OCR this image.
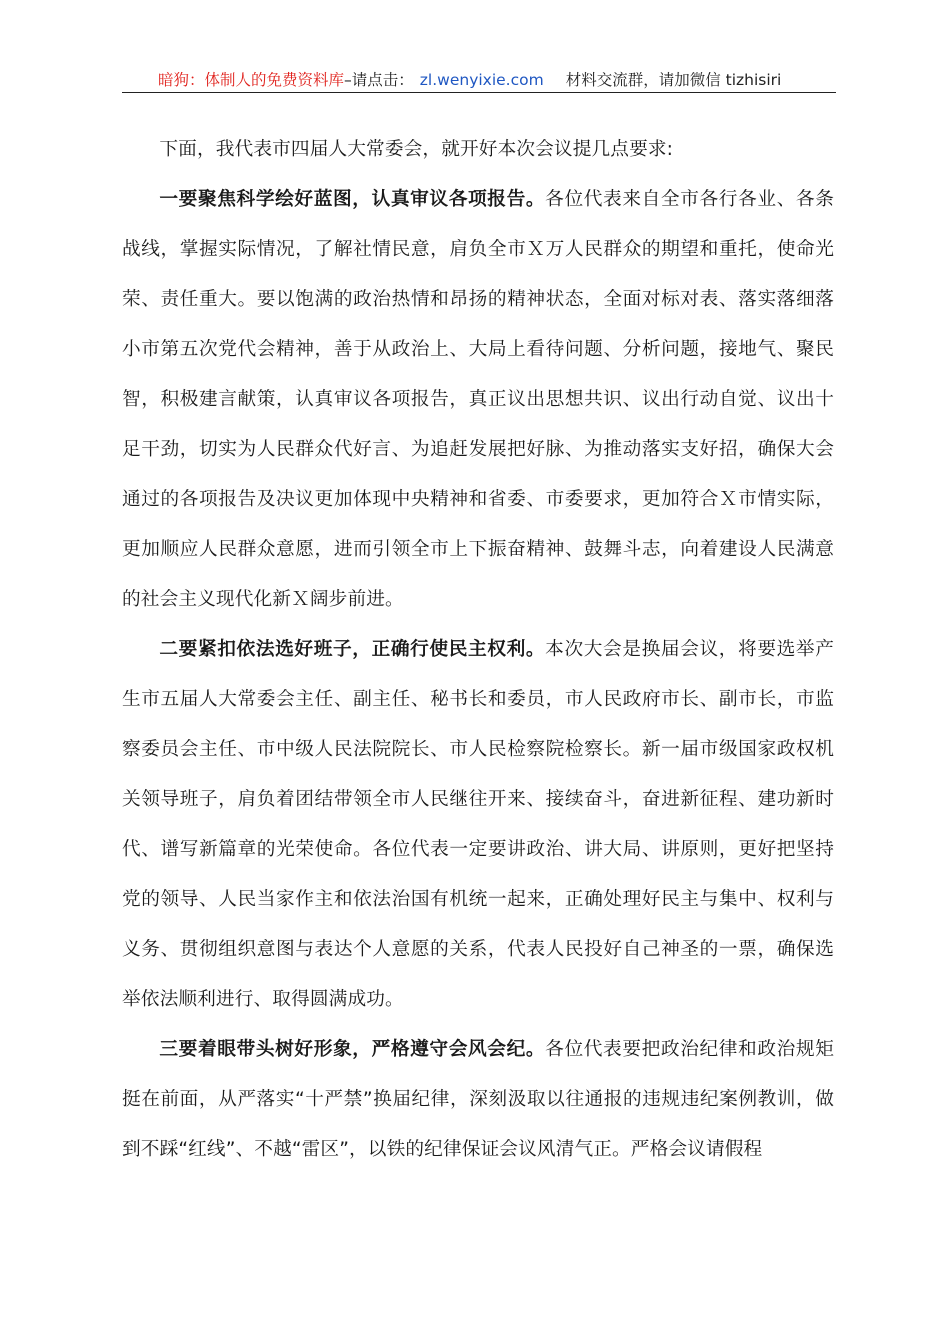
暗狗：体制人的免费资料库–请点击： zl.wenyixie.com 材料交流群，请加微信 tizhisiri

下面，我代表市四届人大常委会，就开好本次会议提几点要求:

一要聚焦科学绘好蓝图，认真审议各项报告。各位代表来自全市各行各业、各条战线，掌握实际情况，了解社情民意，肩负全市Ｘ万人民群众的期望和重托，使命光荣、责任重大。要以饱满的政治热情和昂扬的精神状态，全面对标对表、落实落细落小市第五次党代会精神，善于从政治上、大局上看待问题、分析问题，接地气、聚民智，积极建言献策，认真审议各项报告，真正议出思想共识、议出行动自觉、议出十足干劲，切实为人民群众代好言、为追赶发展把好脉、为推动落实支好招，确保大会通过的各项报告及决议更加体现中央精神和省委、市委要求，更加符合Ｘ市情实际，更加顺应人民群众意愿，进而引领全市上下振奋精神、鼓舞斗志，向着建设人民满意的社会主义现代化新Ｘ阔步前进。

二要紧扣依法选好班子，正确行使民主权利。本次大会是换届会议，将要选举产生市五届人大常委会主任、副主任、秘书长和委员，市人民政府市长、副市长，市监察委员会主任、市中级人民法院院长、市人民检察院检察长。新一届市级国家政权机关领导班子，肩负着团结带领全市人民继往开来、接续奋斗，奋进新征程、建功新时代、谱写新篇章的光荣使命。各位代表一定要讲政治、讲大局、讲原则，更好把坚持党的领导、人民当家作主和依法治国有机统一起来，正确处理好民主与集中、权利与义务、贯彻组织意图与表达个人意愿的关系，代表人民投好自己神圣的一票，确保选举依法顺利进行、取得圆满成功。

三要着眼带头树好形象，严格遵守会风会纪。各位代表要把政治纪律和政治规矩挺在前面，从严落实“十严禁”换届纪律，深刻汲取以往通报的违规违纪案例教训，做到不踩“红线”、不越“雷区”，以铁的纪律保证会议风清气正。严格会议请假程
